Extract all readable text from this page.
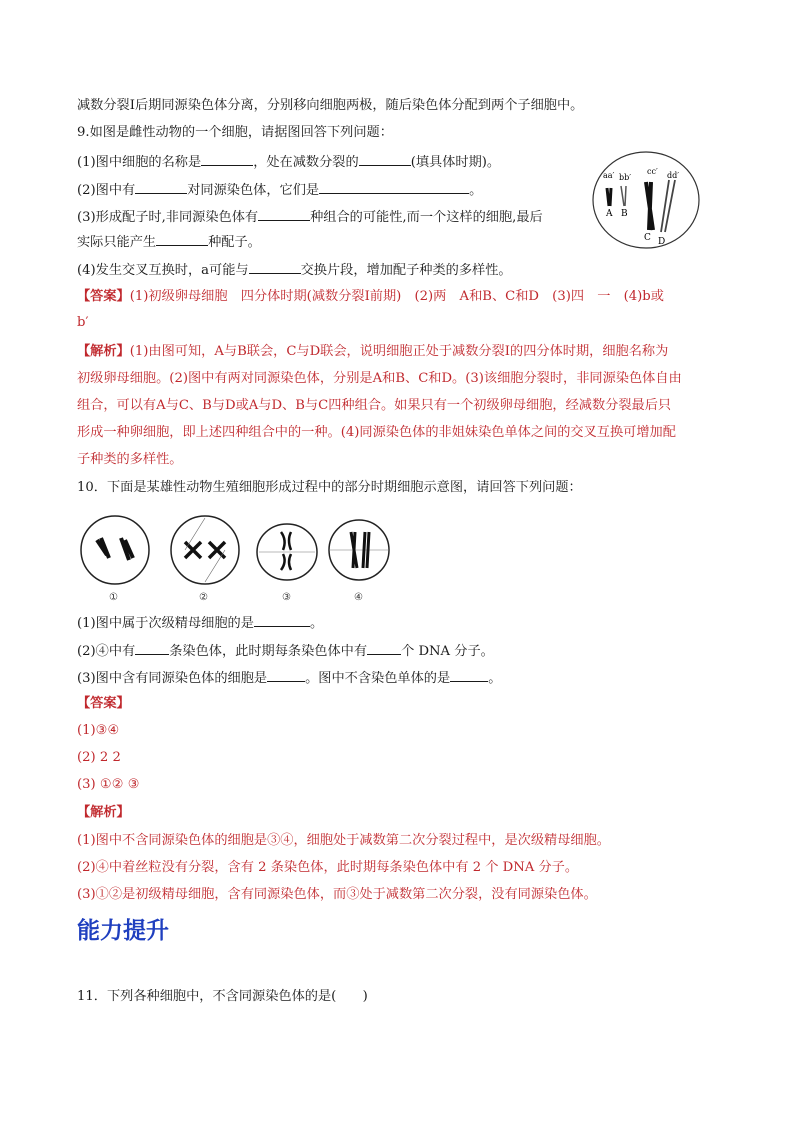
减数分裂Ⅰ后期同源染色体分离，分别移向细胞两极，随后染色体分配到两个子细胞中。
9.如图是雌性动物的一个细胞，请据图回答下列问题：
(1)图中细胞的名称是	，处在减数分裂的	(填具体时期)。
(2)图中有	对同源染色体，它们是	。
(3)形成配子时,非同源染色体有	种组合的可能性,而一个这样的细胞,最后
实际只能产生	种配子。
(4)发生交叉互换时，a可能与	交换片段，增加配子种类的多样性。
【答案】(1)初级卵母细胞　四分体时期(减数分裂Ⅰ前期)　(2)两　A和B、C和D　(3)四　一　(4)b或
b′
【解析】(1)由图可知，A与B联会，C与D联会，说明细胞正处于减数分裂Ⅰ的四分体时期，细胞名称为
初级卵母细胞。(2)图中有两对同源染色体，分别是A和B、C和D。(3)该细胞分裂时，非同源染色体自由
组合，可以有A与C、B与D或A与D、B与C四种组合。如果只有一个初级卵母细胞，经减数分裂最后只
形成一种卵细胞，即上述四种组合中的一种。(4)同源染色体的非姐妹染色单体之间的交叉互换可增加配
子种类的多样性。
aa′ bb′
cc′ dd′
A B
C D
10．下面是某雄性动物生殖细胞形成过程中的部分时期细胞示意图，请回答下列问题：
①	②	③	④
(1)图中属于次级精母细胞的是	。
(2)④中有	条染色体，此时期每条染色体中有	个 DNA 分子。
(3)图中含有同源染色体的细胞是	。图中不含染色单体的是	。
【答案】
(1)③④
(2) 2 2
(3) ①② ③
【解析】
(1)图中不含同源染色体的细胞是③④，细胞处于减数第二次分裂过程中，是次级精母细胞。
(2)④中着丝粒没有分裂，含有 2 条染色体，此时期每条染色体中有 2 个 DNA 分子。
(3)①②是初级精母细胞，含有同源染色体，而③处于减数第二次分裂，没有同源染色体。
能力提升
11．下列各种细胞中，不含同源染色体的是(　　)
